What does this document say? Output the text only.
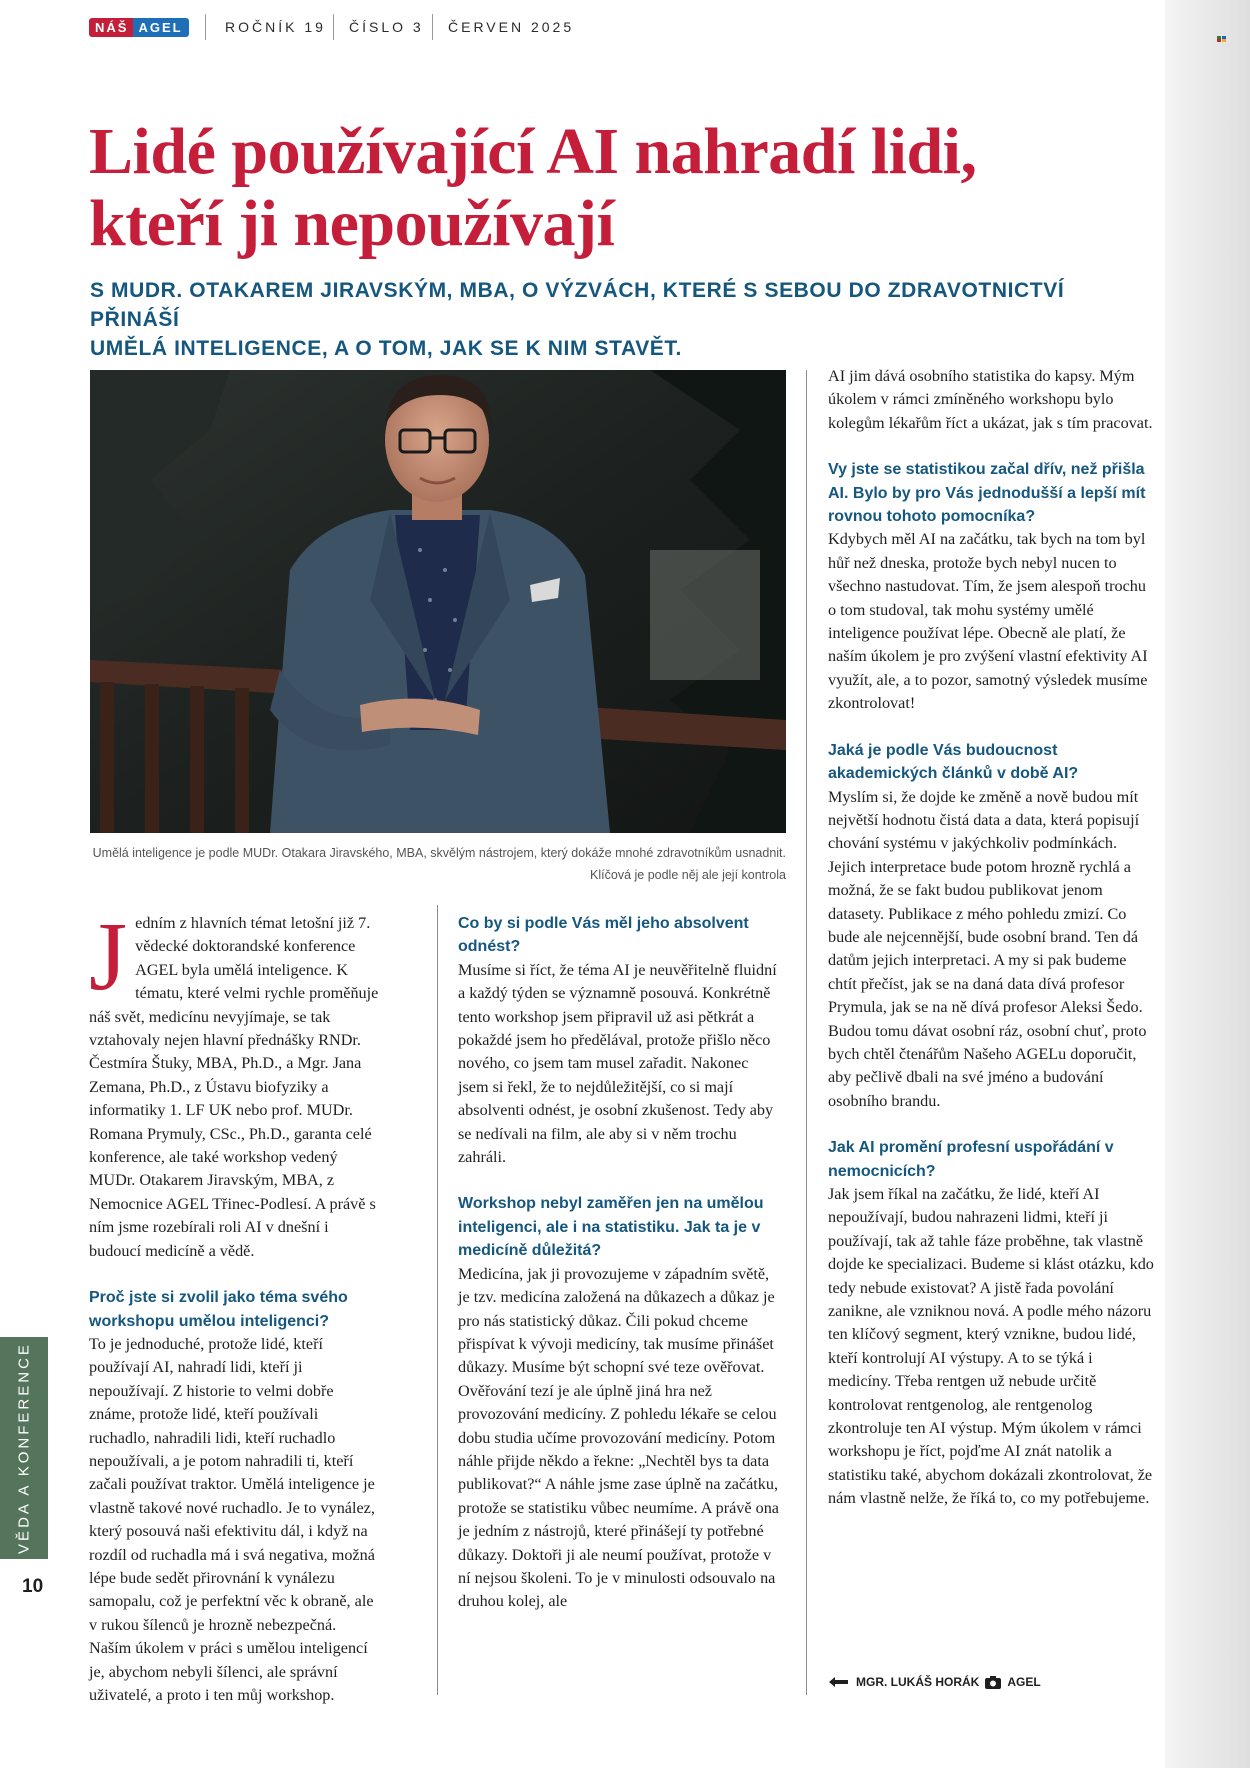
NÁŠ AGEL	ROČNÍK 19 ČÍSLO 3 ČERVEN 2025
Lidé používající AI nahradí lidi,
kteří ji nepoužívají
S MUDR. OTAKAREM JIRAVSKÝM, MBA, O VÝZVÁCH, KTERÉ S SEBOU DO ZDRAVOTNICTVÍ PŘINÁŠÍ
UMĚLÁ INTELIGENCE, A O TOM, JAK SE K NIM STAVĚT.
Umělá inteligence je podle MUDr. Otakara Jiravského, MBA, skvělým nástrojem, který dokáže mnohé zdravotníkům usnadnit.
Klíčová je podle něj ale její kontrola

Jedním z hlavních témat letošní již 7. vědecké doktorandské konference AGEL byla umělá inteligence. K tématu, které velmi rychle proměňuje náš svět, medicínu nevyjímaje, se tak vztahovaly nejen hlavní přednášky RNDr. Čestmíra Štuky, MBA, Ph.D., a Mgr. Jana Zemana, Ph.D., z Ústavu biofyziky a informatiky 1. LF UK nebo prof. MUDr. Romana Prymuly, CSc., Ph.D., garanta celé konference, ale také workshop vedený MUDr. Otakarem Jiravským, MBA, z Nemocnice AGEL Třinec-Podlesí. A právě s ním jsme rozebírali roli AI v dnešní i budoucí medicíně a vědě.

Proč jste si zvolil jako téma svého workshopu umělou inteligenci?

To je jednoduché, protože lidé, kteří používají AI, nahradí lidi, kteří ji nepoužívají. Z historie to velmi dobře známe, protože lidé, kteří používali ruchadlo, nahradili lidi, kteří ruchadlo nepoužívali, a je potom nahradili ti, kteří začali používat traktor. Umělá inteligence je vlastně takové nové ruchadlo. Je to vynález, který posouvá naši efektivitu dál, i když na rozdíl od ruchadla má i svá negativa, možná lépe bude sedět přirovnání k vynálezu samopalu, což je perfektní věc k obraně, ale v rukou šílenců je hrozně nebezpečná. Naším úkolem v práci s umělou inteligencí je, abychom nebyli šílenci, ale správní uživatelé, a proto i ten můj workshop.

Co by si podle Vás měl jeho absolvent odnést?

Musíme si říct, že téma AI je neuvěřitelně fluidní a každý týden se významně posouvá. Konkrétně tento workshop jsem připravil už asi pětkrát a pokaždé jsem ho předělával, protože přišlo něco nového, co jsem tam musel zařadit. Nakonec jsem si řekl, že to nejdůležitější, co si mají absolventi odnést, je osobní zkušenost. Tedy aby se nedívali na film, ale aby si v něm trochu zahráli.

Workshop nebyl zaměřen jen na umělou inteligenci, ale i na statistiku. Jak ta je v medicíně důležitá?

Medicína, jak ji provozujeme v západním světě, je tzv. medicína založená na důkazech a důkaz je pro nás statistický důkaz. Čili pokud chceme přispívat k vývoji medicíny, tak musíme přinášet důkazy. Musíme být schopní své teze ověřovat. Ověřování tezí je ale úplně jiná hra než provozování medicíny. Z pohledu lékaře se celou dobu studia učíme provozování medicíny. Potom náhle přijde někdo a řekne: „Nechtěl bys ta data publikovat?“ A náhle jsme zase úplně na začátku, protože se statistiku vůbec neumíme. A právě ona je jedním z nástrojů, které přinášejí ty potřebné důkazy. Doktoři ji ale neumí používat, protože v ní nejsou školeni. To je v minulosti odsouvalo na druhou kolej, ale

AI jim dává osobního statistika do kapsy. Mým úkolem v rámci zmíněného workshopu bylo kolegům lékařům říct a ukázat, jak s tím pracovat.

Vy jste se statistikou začal dřív, než přišla AI. Bylo by pro Vás jednodušší a lepší mít rovnou tohoto pomocníka?

Kdybych měl AI na začátku, tak bych na tom byl hůř než dneska, protože bych nebyl nucen to všechno nastudovat. Tím, že jsem alespoň trochu o tom studoval, tak mohu systémy umělé inteligence používat lépe. Obecně ale platí, že naším úkolem je pro zvýšení vlastní efektivity AI využít, ale, a to pozor, samotný výsledek musíme zkontrolovat!

Jaká je podle Vás budoucnost akademických článků v době AI?

Myslím si, že dojde ke změně a nově budou mít největší hodnotu čistá data a data, která popisují chování systému v jakýchkoliv podmínkách. Jejich interpretace bude potom hrozně rychlá a možná, že se fakt budou publikovat jenom datasety. Publikace z mého pohledu zmizí. Co bude ale nejcennější, bude osobní brand. Ten dá datům jejich interpretaci. A my si pak budeme chtít přečíst, jak se na daná data dívá profesor Prymula, jak se na ně dívá profesor Aleksi Šedo. Budou tomu dávat osobní ráz, osobní chuť, proto bych chtěl čtenářům Našeho AGELu doporučit, aby pečlivě dbali na své jméno a budování osobního brandu.

Jak AI promění profesní uspořádání v nemocnicích?

Jak jsem říkal na začátku, že lidé, kteří AI nepoužívají, budou nahrazeni lidmi, kteří ji používají, tak až tahle fáze proběhne, tak vlastně dojde ke specializaci. Budeme si klást otázku, kdo tedy nebude existovat? A jistě řada povolání zanikne, ale vzniknou nová. A podle mého názoru ten klíčový segment, který vznikne, budou lidé, kteří kontrolují AI výstupy. A to se týká i medicíny. Třeba rentgen už nebude určitě kontrolovat rentgenolog, ale rentgenolog zkontroluje ten AI výstup. Mým úkolem v rámci workshopu je říct, pojďme AI znát natolik a statistiku také, abychom dokázali zkontrolovat, že nám vlastně nelže, že říká to, co my potřebujeme.

MGR. LUKÁŠ HORÁK AGEL
VĚDA A KONFERENCE
10
